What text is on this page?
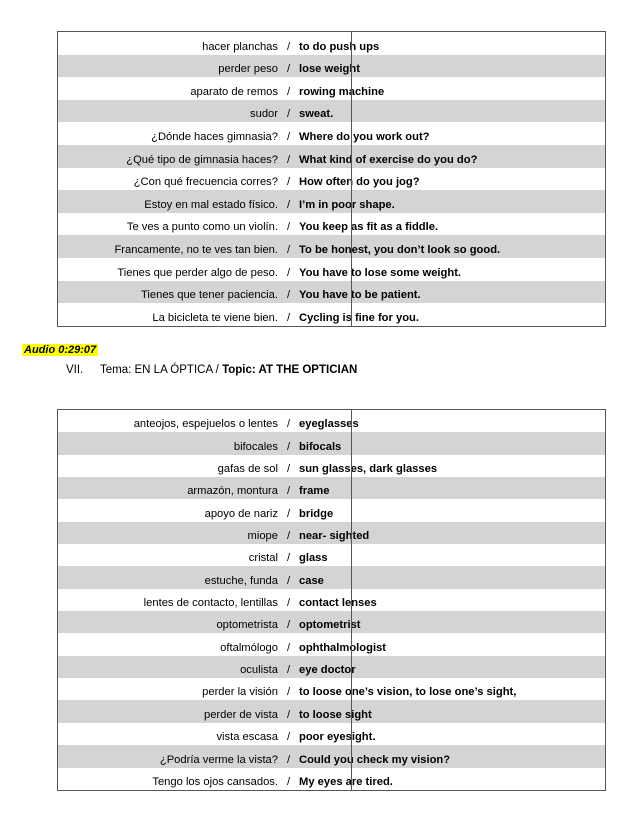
hacer planchas / to do push ups
perder peso / lose weight
aparato de remos / rowing machine
sudor / sweat.
¿Dónde haces gimnasia? / Where do you work out?
¿Qué tipo de gimnasia haces? / What kind of exercise do you do?
¿Con qué frecuencia corres? / How often do you jog?
Estoy en mal estado físico. / I’m in poor shape.
Te ves a punto como un violín. / You keep as fit as a fiddle.
Francamente, no te ves tan bien. / To be honest, you don’t look so good.
Tienes que perder algo de peso. / You have to lose some weight.
Tienes que tener paciencia. / You have to be patient.
La bicicleta te viene bien. / Cycling is fine for you.
Audio 0:29:07
VII. Tema: EN LA ÓPTICA / Topic: AT THE OPTICIAN
anteojos, espejuelos o lentes / eyeglasses
bifocales / bifocals
gafas de sol / sun glasses, dark glasses
armazón, montura / frame
apoyo de nariz / bridge
miope / near- sighted
cristal / glass
estuche, funda / case
lentes de contacto, lentillas / contact lenses
optometrista / optometrist
oftalmólogo / ophthalmologist
oculista / eye doctor
perder la visión / to loose one’s vision, to lose one’s sight,
perder de vista / to loose sight
vista escasa / poor eyesight.
¿Podría verme la vista? / Could you check my vision?
Tengo los ojos cansados. / My eyes are tired.
